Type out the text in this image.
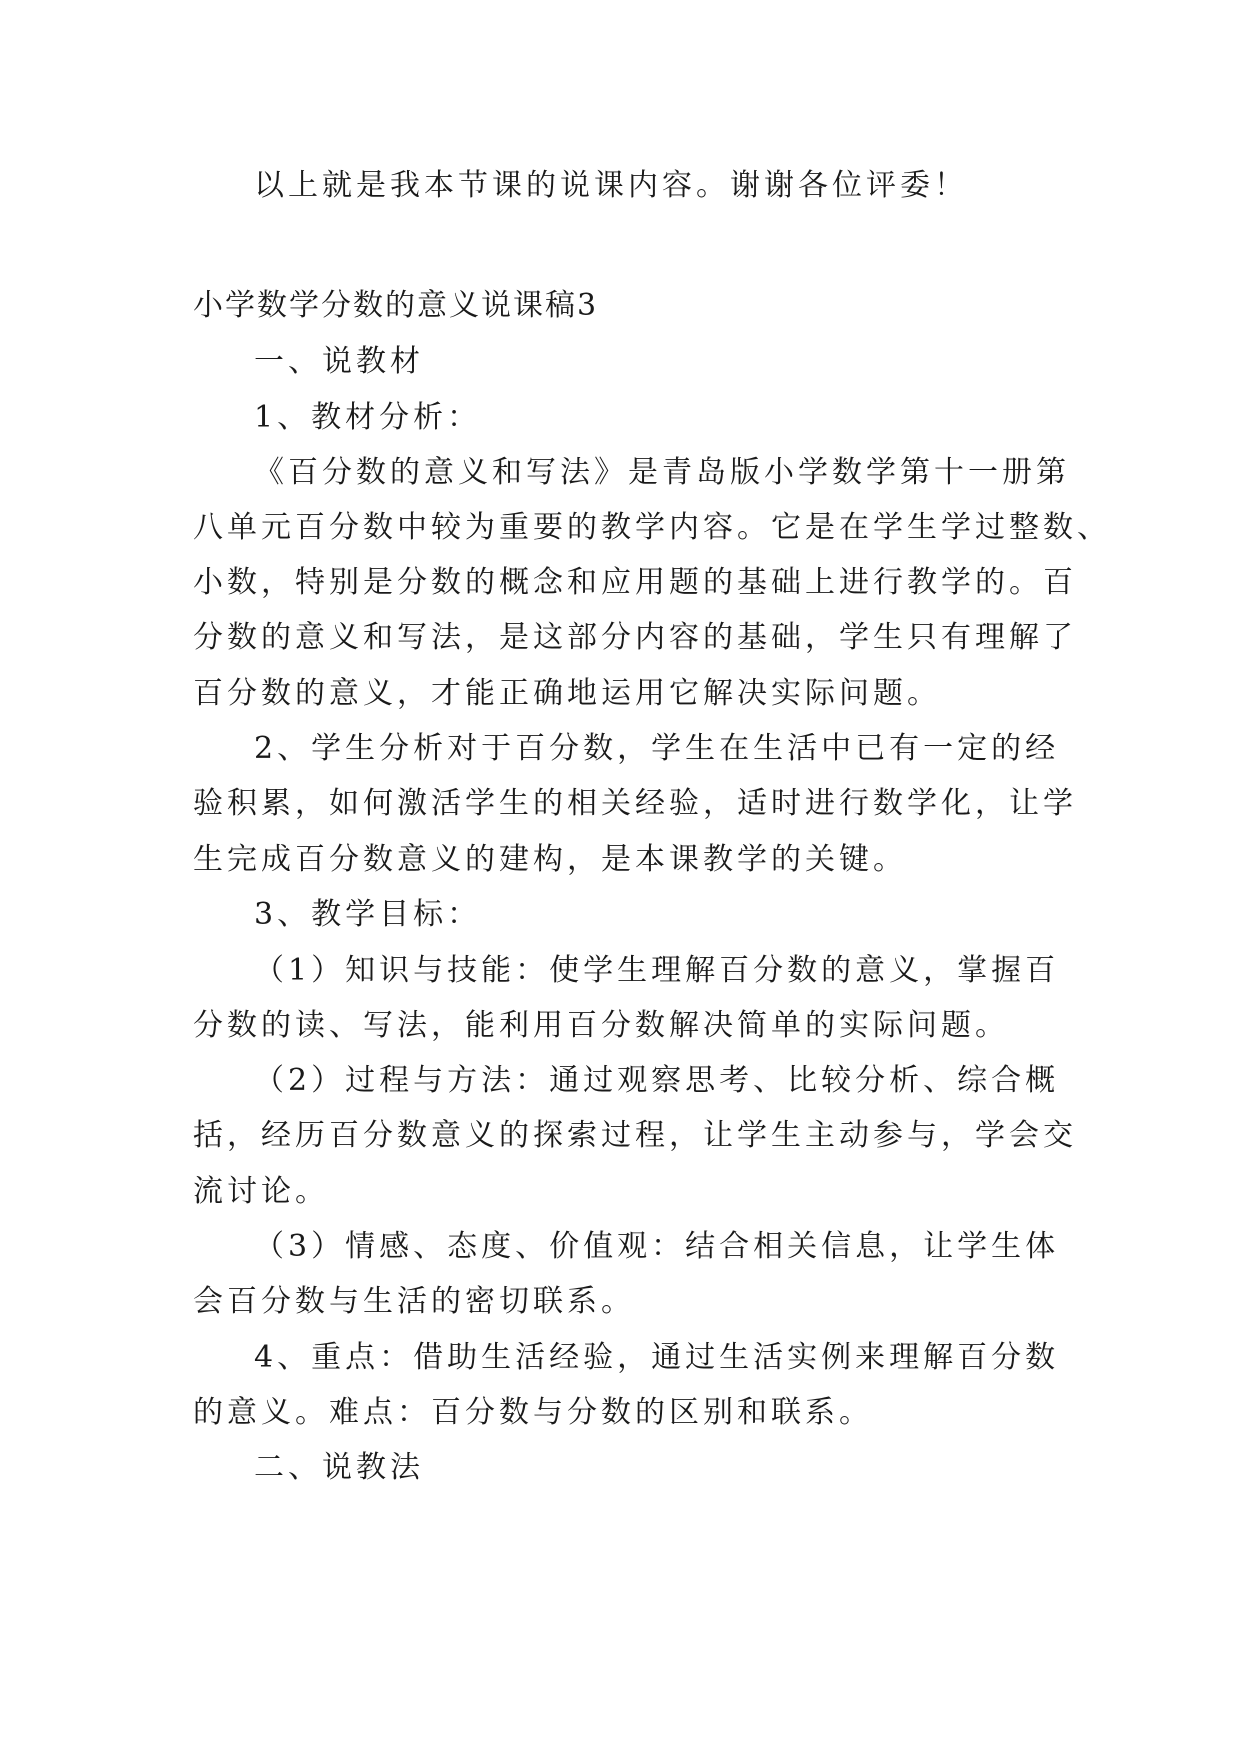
以上就是我本节课的说课内容。谢谢各位评委！
小学数学分数的意义说课稿3
一、说教材
1、教材分析：
《百分数的意义和写法》是青岛版小学数学第十一册第
八单元百分数中较为重要的教学内容。它是在学生学过整数、
小数，特别是分数的概念和应用题的基础上进行教学的。百
分数的意义和写法，是这部分内容的基础，学生只有理解了
百分数的意义，才能正确地运用它解决实际问题。
2、学生分析对于百分数，学生在生活中已有一定的经
验积累，如何激活学生的相关经验，适时进行数学化，让学
生完成百分数意义的建构，是本课教学的关键。
3、教学目标：
（1）知识与技能：使学生理解百分数的意义，掌握百
分数的读、写法，能利用百分数解决简单的实际问题。
（2）过程与方法：通过观察思考、比较分析、综合概
括，经历百分数意义的探索过程，让学生主动参与，学会交
流讨论。
（3）情感、态度、价值观：结合相关信息，让学生体
会百分数与生活的密切联系。
4、重点：借助生活经验，通过生活实例来理解百分数
的意义。难点：百分数与分数的区别和联系。
二、说教法
